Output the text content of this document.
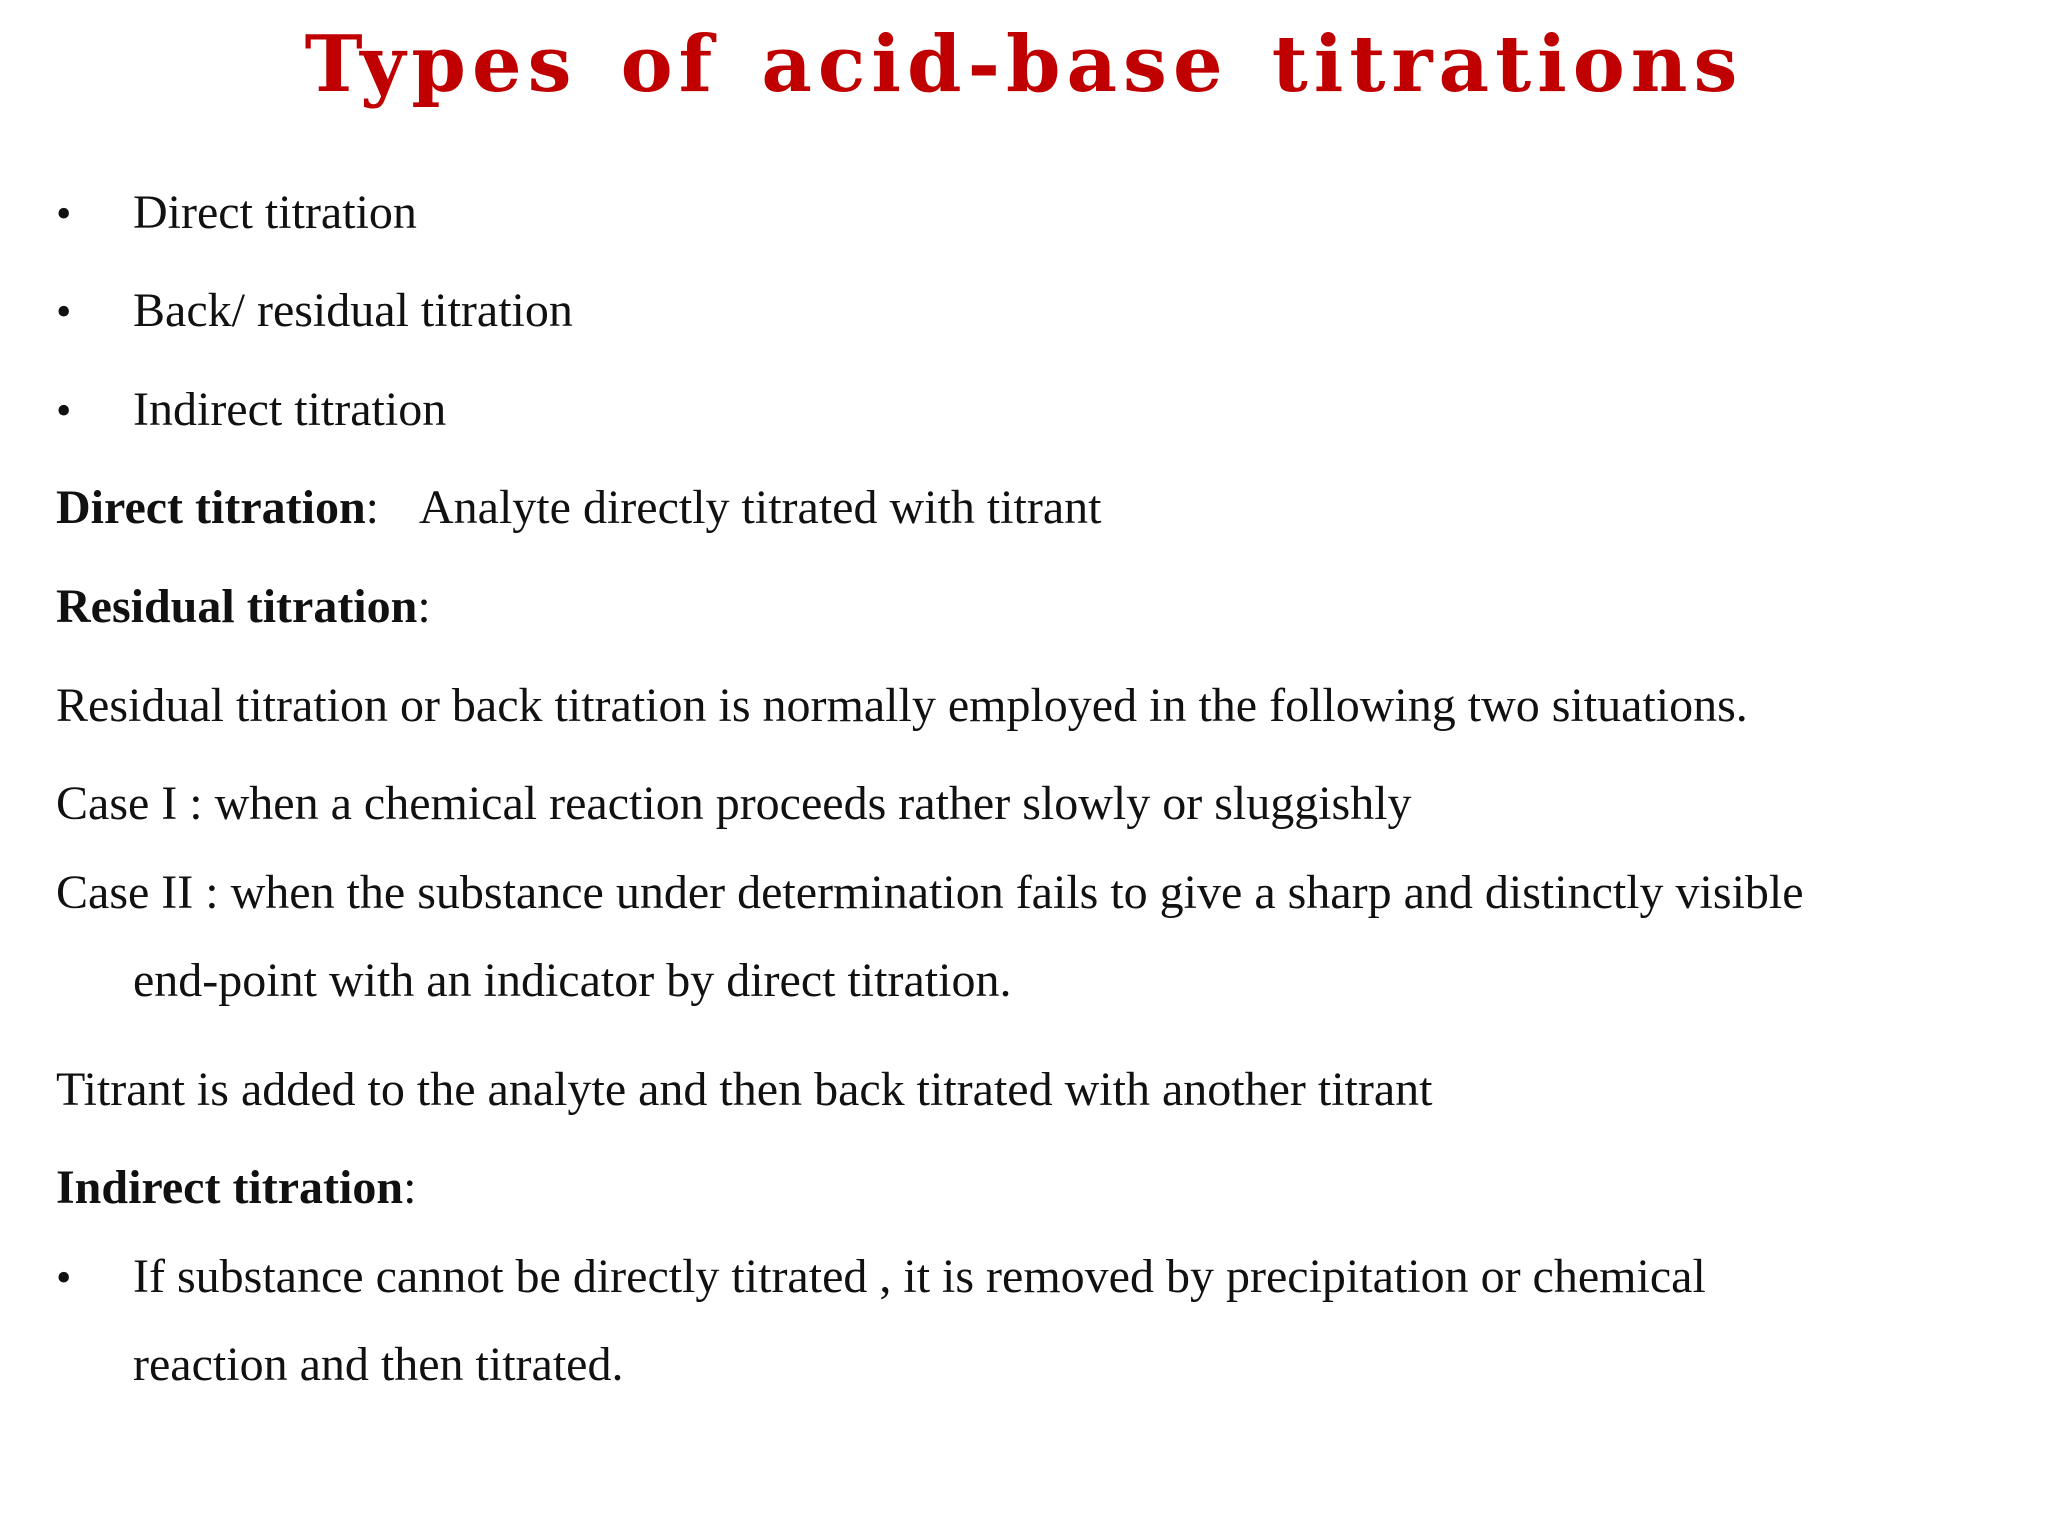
Types of acid-base titrations
• Direct titration
• Back/ residual titration
• Indirect titration
Direct titration: Analyte directly titrated with titrant
Residual titration:
Residual titration or back titration is normally employed in the following two situations.
Case I : when a chemical reaction proceeds rather slowly or sluggishly
Case II : when the substance under determination fails to give a sharp and distinctly visible
end-point with an indicator by direct titration.
Titrant is added to the analyte and then back titrated with another titrant
Indirect titration:
• If substance cannot be directly titrated , it is removed by precipitation or chemical
reaction and then titrated.
